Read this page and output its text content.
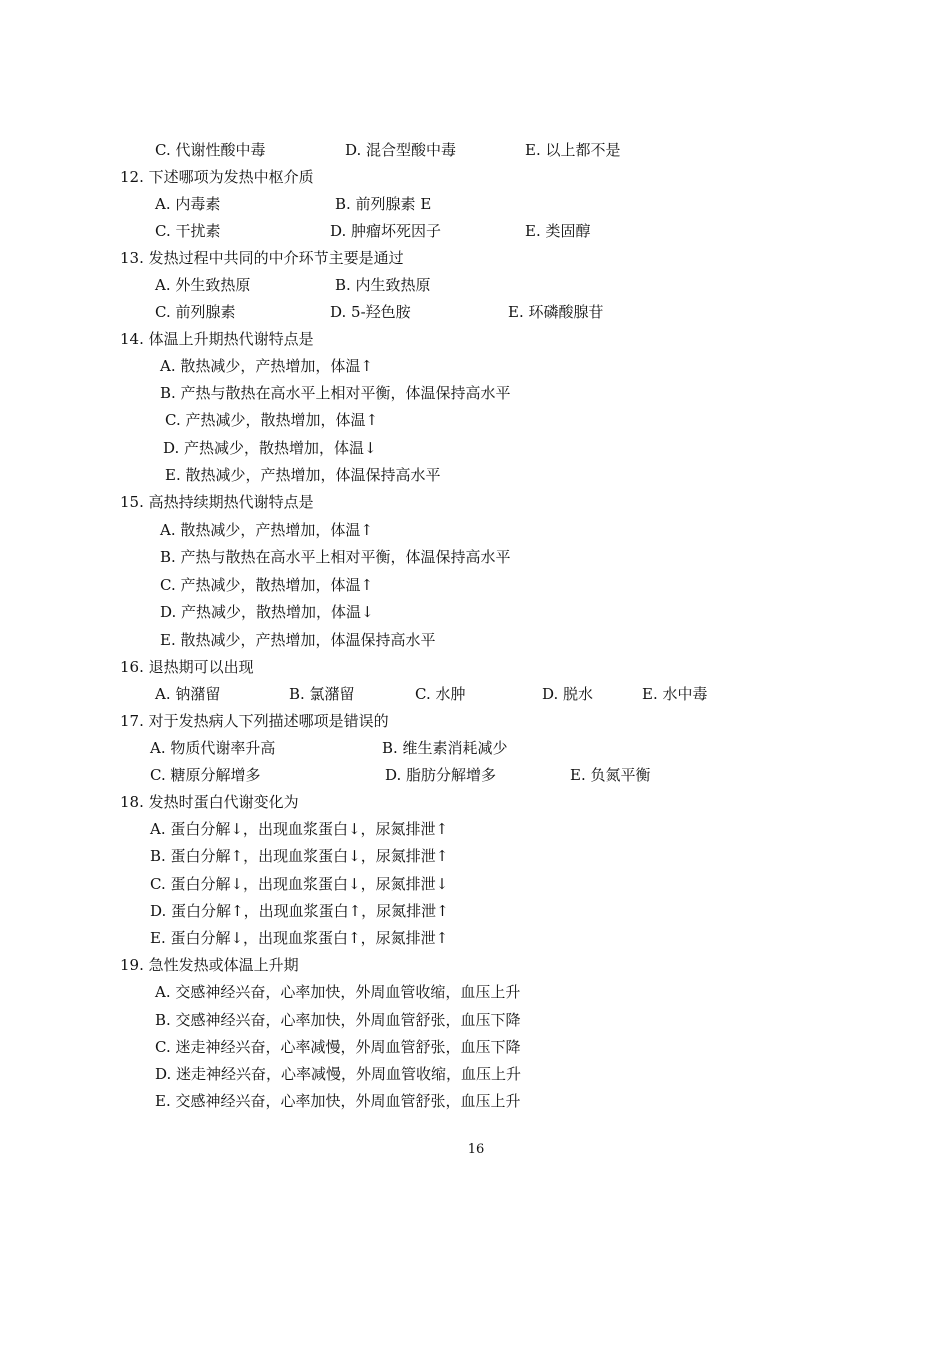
16
C. 代谢性酸中毒	D. 混合型酸中毒	E. 以上都不是
12. 下述哪项为发热中枢介质
A. 内毒素	B. 前列腺素 E
C. 干扰素	D. 肿瘤坏死因子	E. 类固醇
13. 发热过程中共同的中介环节主要是通过
A. 外生致热原	B. 内生致热原
C. 前列腺素	D. 5-羟色胺	E. 环磷酸腺苷
14. 体温上升期热代谢特点是
A. 散热减少，产热增加，体温↑
B. 产热与散热在高水平上相对平衡，体温保持高水平
C. 产热减少，散热增加，体温↑
D. 产热减少，散热增加，体温↓
E. 散热减少，产热增加，体温保持高水平
15. 高热持续期热代谢特点是
A. 散热减少，产热增加，体温↑
B. 产热与散热在高水平上相对平衡，体温保持高水平
C. 产热减少，散热增加，体温↑
D. 产热减少，散热增加，体温↓
E. 散热减少，产热增加，体温保持高水平
16. 退热期可以出现
A. 钠潴留	B. 氯潴留	C. 水肿	D. 脱水	E. 水中毒
17. 对于发热病人下列描述哪项是错误的
A. 物质代谢率升高	B. 维生素消耗减少
C. 糖原分解增多	D. 脂肪分解增多	E. 负氮平衡
18. 发热时蛋白代谢变化为
A. 蛋白分解↓，出现血浆蛋白↓，尿氮排泄↑
B. 蛋白分解↑，出现血浆蛋白↓，尿氮排泄↑
C. 蛋白分解↓，出现血浆蛋白↓，尿氮排泄↓
D. 蛋白分解↑，出现血浆蛋白↑，尿氮排泄↑
E. 蛋白分解↓，出现血浆蛋白↑，尿氮排泄↑
19. 急性发热或体温上升期
A. 交感神经兴奋，心率加快，外周血管收缩，血压上升
B. 交感神经兴奋，心率加快，外周血管舒张，血压下降
C. 迷走神经兴奋，心率减慢，外周血管舒张，血压下降
D. 迷走神经兴奋，心率减慢，外周血管收缩，血压上升
E. 交感神经兴奋，心率加快，外周血管舒张，血压上升
